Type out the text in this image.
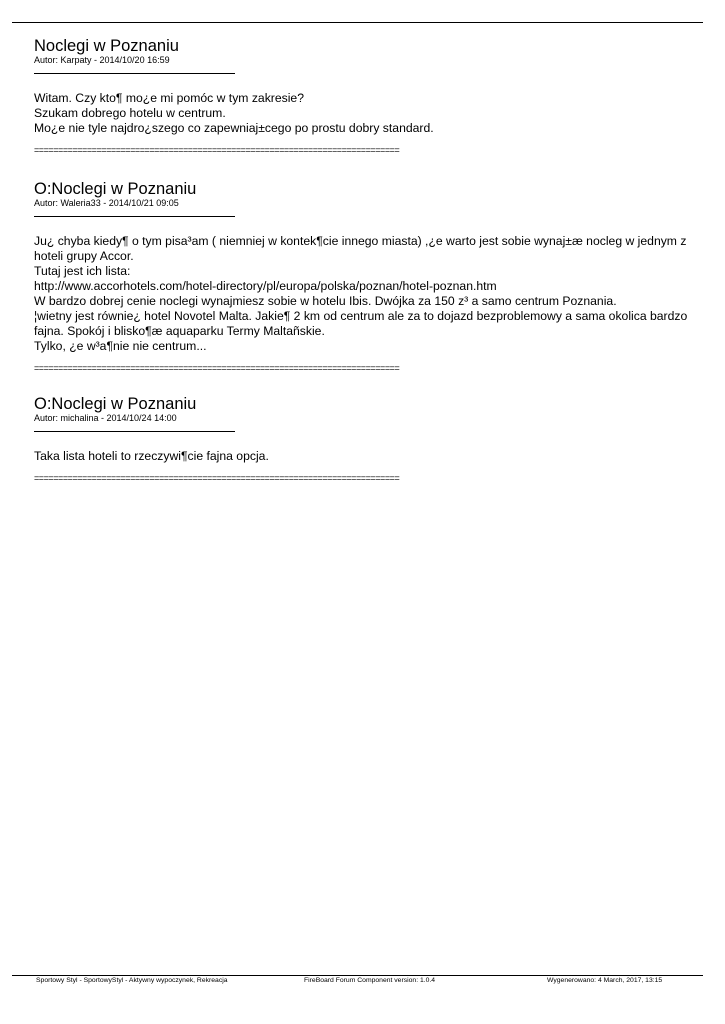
Noclegi w Poznaniu
Autor: Karpaty - 2014/10/20 16:59
Witam. Czy kto¶ mo¿e mi pomóc w tym zakresie?
Szukam dobrego hotelu w centrum.
Mo¿e nie tyle najdro¿szego co zapewniaj±cego po prostu dobry standard.
============================================================================
O:Noclegi w Poznaniu
Autor: Waleria33 - 2014/10/21 09:05
Ju¿ chyba kiedy¶ o tym pisa³am ( niemniej w kontek¶cie innego miasta) ,¿e warto jest sobie wynaj±æ nocleg w jednym z hoteli grupy Accor.
Tutaj jest ich lista:
http://www.accorhotels.com/hotel-directory/pl/europa/polska/poznan/hotel-poznan.htm
W bardzo dobrej cenie noclegi wynajmiesz sobie w hotelu Ibis. Dwójka za 150 z³ a samo centrum Poznania.
¦wietny jest równie¿ hotel Novotel Malta. Jakie¶ 2 km od centrum ale za to dojazd bezproblemowy a sama okolica bardzo fajna. Spokój i blisko¶æ aquaparku Termy Maltañskie.
Tylko, ¿e w³a¶nie nie centrum...
============================================================================
O:Noclegi w Poznaniu
Autor: michalina - 2014/10/24 14:00
Taka lista hoteli to rzeczywi¶cie fajna opcja.
============================================================================
Sportowy Styl - SportowyStyl - Aktywny wypoczynek, Rekreacja	FireBoard Forum Component version: 1.0.4	Wygenerowano: 4 March, 2017, 13:15
